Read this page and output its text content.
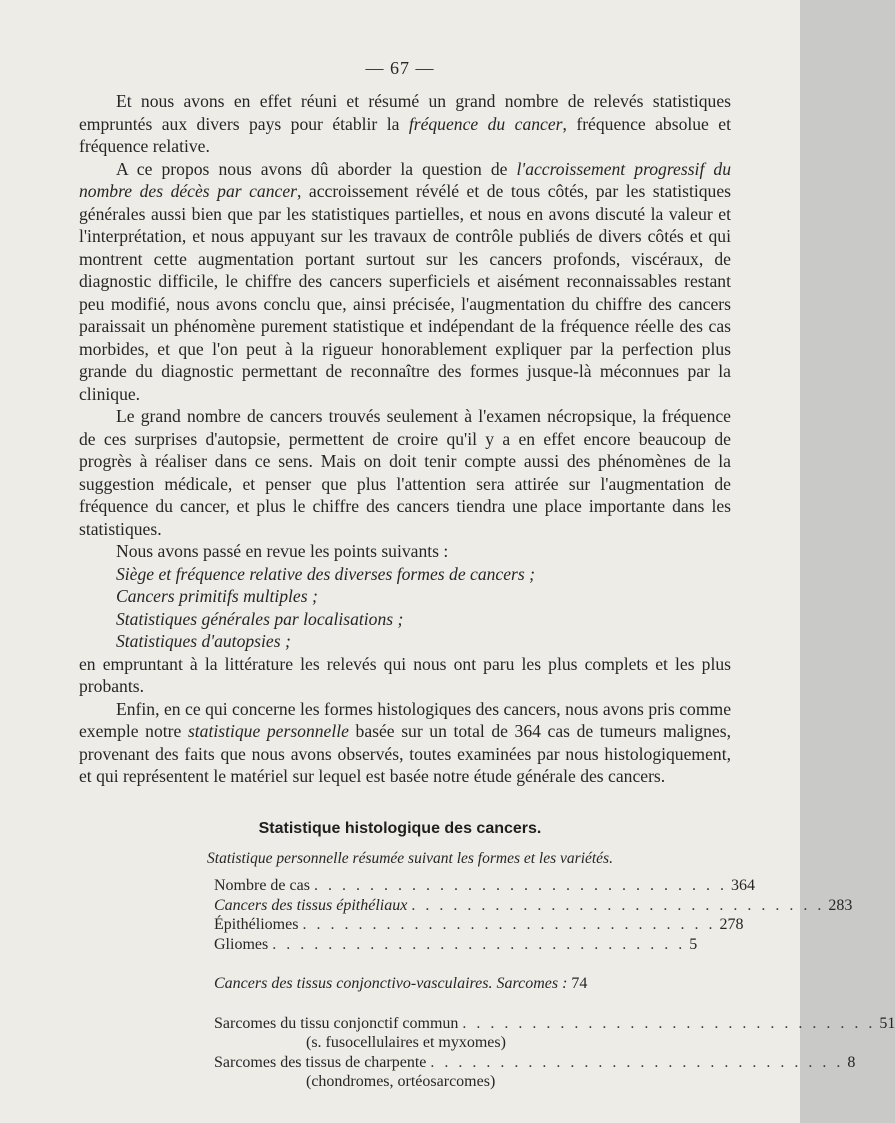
— 67 —

Et nous avons en effet réuni et résumé un grand nombre de relevés statistiques empruntés aux divers pays pour établir la fréquence du cancer, fréquence absolue et fréquence relative.

A ce propos nous avons dû aborder la question de l'accroissement progressif du nombre des décès par cancer, accroissement révélé et de tous côtés, par les statistiques générales aussi bien que par les statistiques partielles, et nous en avons discuté la valeur et l'interprétation, et nous appuyant sur les travaux de contrôle publiés de divers côtés et qui montrent cette augmentation portant surtout sur les cancers profonds, viscéraux, de diagnostic difficile, le chiffre des cancers superficiels et aisément reconnaissables restant peu modifié, nous avons conclu que, ainsi précisée, l'augmentation du chiffre des cancers paraissait un phénomène purement statistique et indépendant de la fréquence réelle des cas morbides, et que l'on peut à la rigueur honorablement expliquer par la perfection plus grande du diagnostic permettant de reconnaître des formes jusque-là méconnues par la clinique.

Le grand nombre de cancers trouvés seulement à l'examen nécropsique, la fréquence de ces surprises d'autopsie, permettent de croire qu'il y a en effet encore beaucoup de progrès à réaliser dans ce sens. Mais on doit tenir compte aussi des phénomènes de la suggestion médicale, et penser que plus l'attention sera attirée sur l'augmentation de fréquence du cancer, et plus le chiffre des cancers tiendra une place importante dans les statistiques.

Nous avons passé en revue les points suivants :

Siège et fréquence relative des diverses formes de cancers ;
Cancers primitifs multiples ;
Statistiques générales par localisations ;
Statistiques d'autopsies ;

en empruntant à la littérature les relevés qui nous ont paru les plus complets et les plus probants.

Enfin, en ce qui concerne les formes histologiques des cancers, nous avons pris comme exemple notre statistique personnelle basée sur un total de 364 cas de tumeurs malignes, provenant des faits que nous avons observés, toutes examinées par nous histologiquement, et qui représentent le matériel sur lequel est basée notre étude générale des cancers.

Statistique histologique des cancers.
Statistique personnelle résumée suivant les formes et les variétés.
Nombre de cas . . . . . . . . . . . . . . . . . . . . . . . . . . . . . . 364
Cancers des tissus épithéliaux . . . . . . . . . . . . . . . . . . . . . . . . . . . . . . 283
Épithéliomes . . . . . . . . . . . . . . . . . . . . . . . . . . . . . . 278
Gliomes . . . . . . . . . . . . . . . . . . . . . . . . . . . . . . 5
Cancers des tissus conjonctivo-vasculaires. Sarcomes : 74
Sarcomes du tissu conjonctif commun . . . . . . . . . . . . . . . . . . . . . . . . . . . . . . 51
(s. fusocellulaires et myxomes)
Sarcomes des tissus de charpente . . . . . . . . . . . . . . . . . . . . . . . . . . . . . . 8
(chondromes, ortéosarcomes)
